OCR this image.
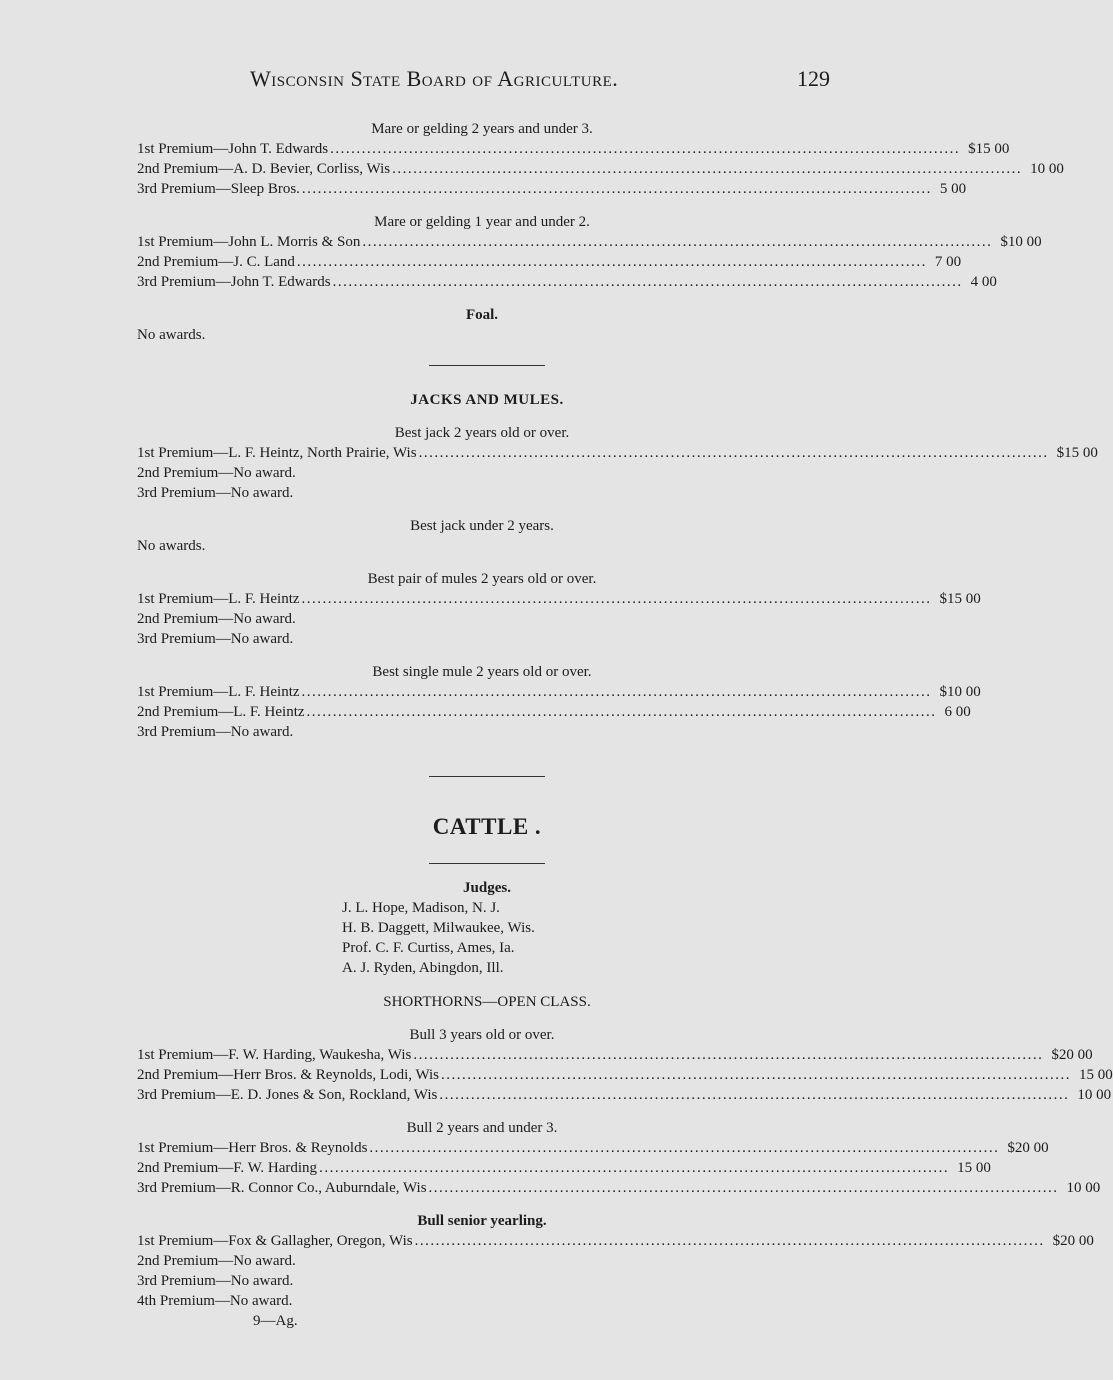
Wisconsin State Board of Agriculture.	129
Mare or gelding 2 years and under 3.
1st Premium—John T. Edwards ........................................................................................................................ $15 00
2nd Premium—A. D. Bevier, Corliss, Wis ........................................................................................................................ 10 00
3rd Premium—Sleep Bros. ........................................................................................................................ 5 00
Mare or gelding 1 year and under 2.
1st Premium—John L. Morris & Son ........................................................................................................................ $10 00
2nd Premium—J. C. Land ........................................................................................................................ 7 00
3rd Premium—John T. Edwards ........................................................................................................................ 4 00
Foal.
No awards.
JACKS AND MULES.
Best jack 2 years old or over.
1st Premium—L. F. Heintz, North Prairie, Wis ........................................................................................................................ $15 00
2nd Premium—No award.
3rd Premium—No award.
Best jack under 2 years.
No awards.
Best pair of mules 2 years old or over.
1st Premium—L. F. Heintz ........................................................................................................................ $15 00
2nd Premium—No award.
3rd Premium—No award.
Best single mule 2 years old or over.
1st Premium—L. F. Heintz ........................................................................................................................ $10 00
2nd Premium—L. F. Heintz ........................................................................................................................ 6 00
3rd Premium—No award.
CATTLE .
Judges.
J. L. Hope, Madison, N. J.
H. B. Daggett, Milwaukee, Wis.
Prof. C. F. Curtiss, Ames, Ia.
A. J. Ryden, Abingdon, Ill.
SHORTHORNS—OPEN CLASS.
Bull 3 years old or over.
1st Premium—F. W. Harding, Waukesha, Wis ........................................................................................................................ $20 00
2nd Premium—Herr Bros. & Reynolds, Lodi, Wis ........................................................................................................................ 15 00
3rd Premium—E. D. Jones & Son, Rockland, Wis ........................................................................................................................ 10 00
Bull 2 years and under 3.
1st Premium—Herr Bros. & Reynolds ........................................................................................................................ $20 00
2nd Premium—F. W. Harding ........................................................................................................................ 15 00
3rd Premium—R. Connor Co., Auburndale, Wis ........................................................................................................................ 10 00
Bull senior yearling.
1st Premium—Fox & Gallagher, Oregon, Wis ........................................................................................................................ $20 00
2nd Premium—No award.
3rd Premium—No award.
4th Premium—No award.
9—Ag.
